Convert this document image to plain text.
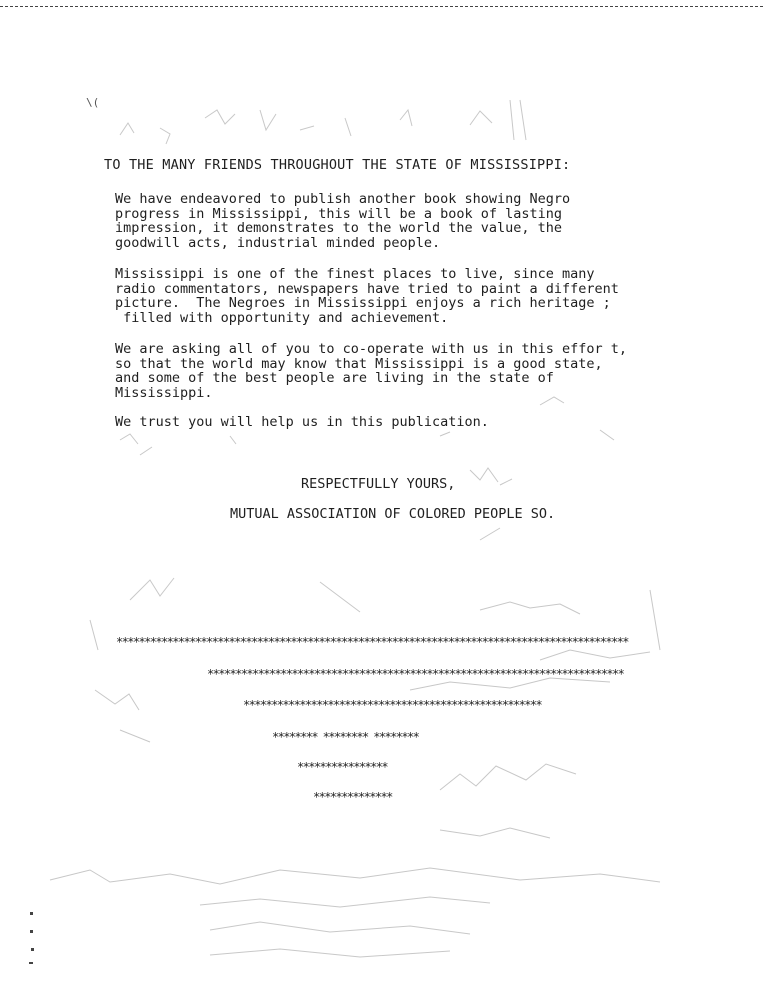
\(
TO THE MANY FRIENDS THROUGHOUT THE STATE OF MISSISSIPPI:
We have endeavored to publish another book showing Negro
progress in Mississippi, this will be a book of lasting
impression, it demonstrates to the world the value, the
goodwill acts, industrial minded people.
Mississippi is one of the finest places to live, since many
radio commentators, newspapers have tried to paint a different
picture.  The Negroes in Mississippi enjoys a rich heritage ;
filled with opportunity and achievement.
We are asking all of you to co-operate with us in this effor t,
so that the world may know that Mississippi is a good state,
and some of the best people are living in the state of
Mississippi.
We trust you will help us in this publication.
RESPECTFULLY YOURS,
MUTUAL ASSOCIATION OF COLORED PEOPLE SO.
*******************************************************************************************
**************************************************************************
*****************************************************
******** ******** ********
****************
**************
